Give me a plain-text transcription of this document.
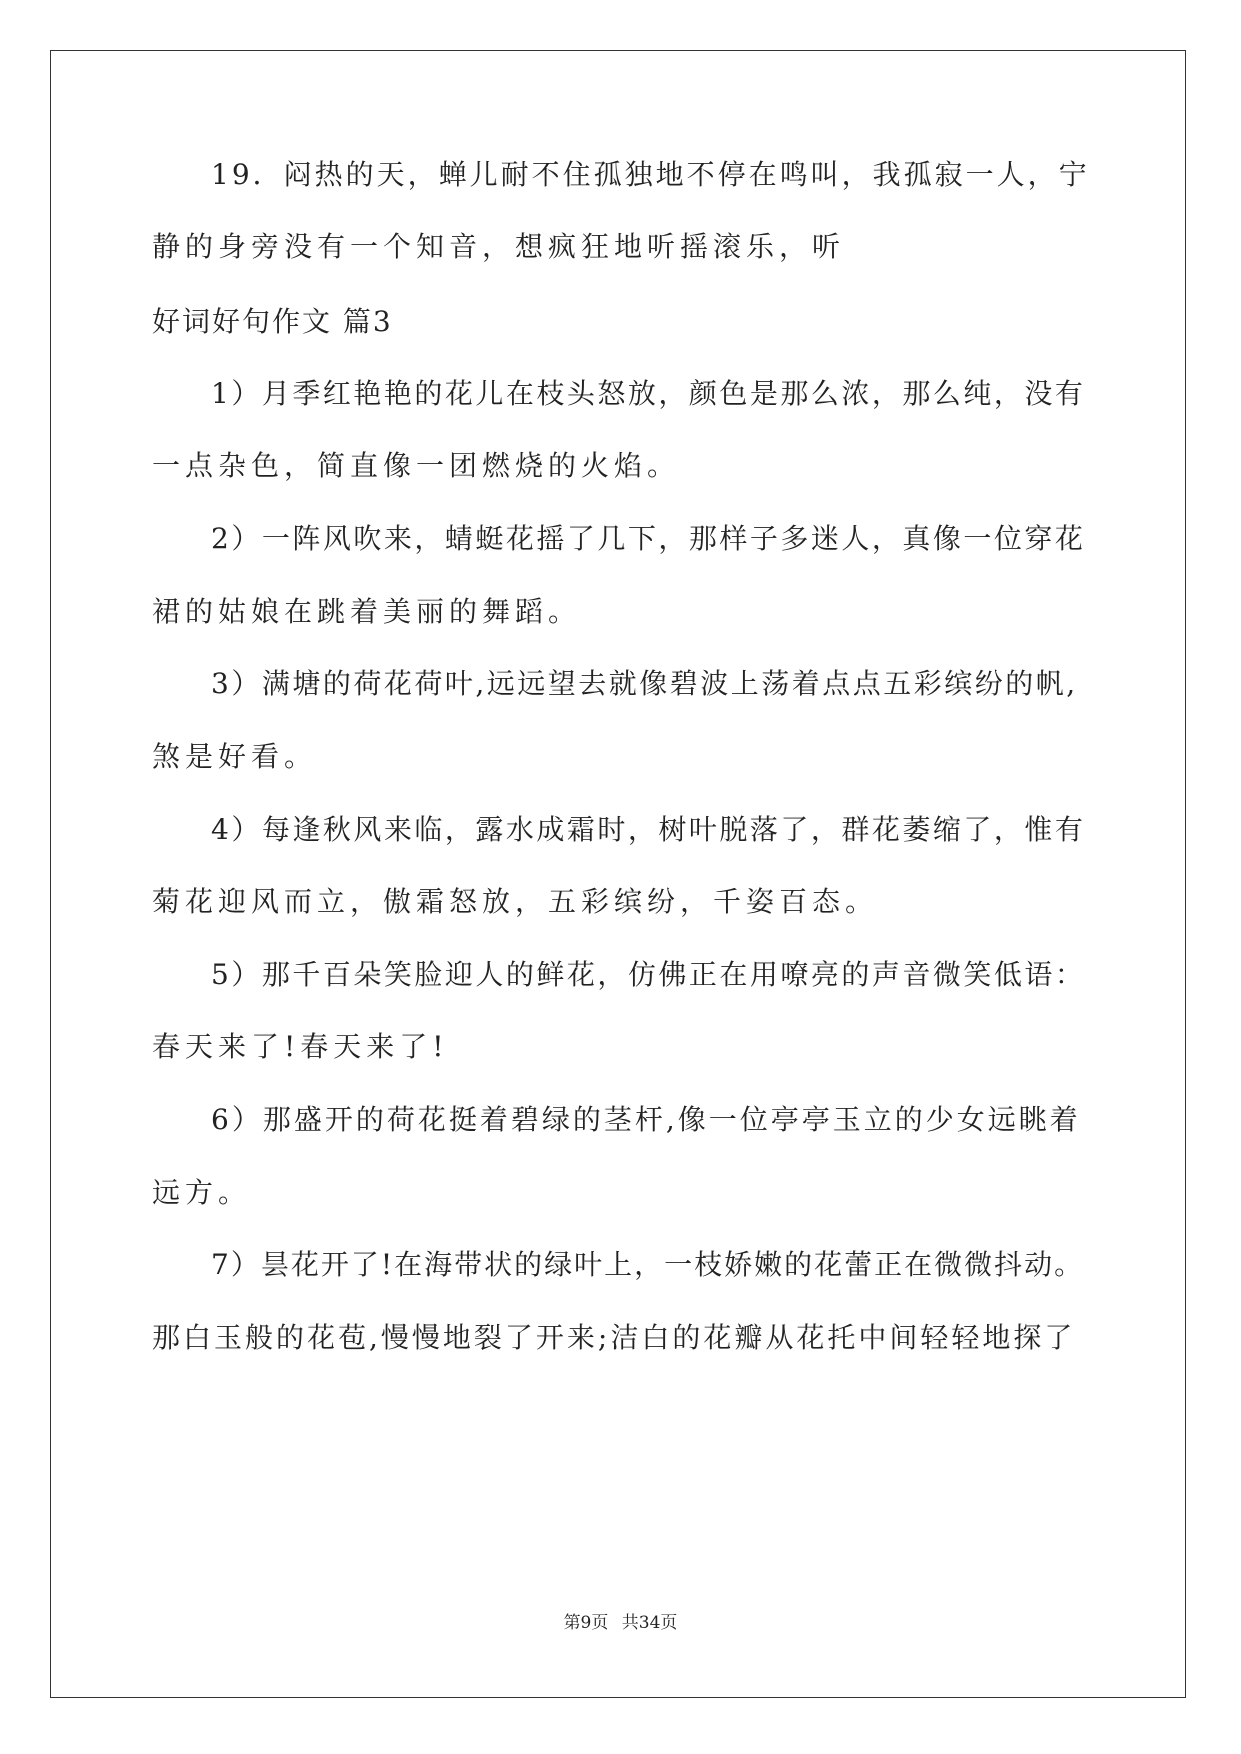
19．闷热的天，蝉儿耐不住孤独地不停在鸣叫，我孤寂一人，宁
静的身旁没有一个知音，想疯狂地听摇滚乐，听
好词好句作文 篇3
1）月季红艳艳的花儿在枝头怒放，颜色是那么浓，那么纯，没有
一点杂色，简直像一团燃烧的火焰。
2）一阵风吹来，蜻蜓花摇了几下，那样子多迷人，真像一位穿花
裙的姑娘在跳着美丽的舞蹈。
3）满塘的荷花荷叶,远远望去就像碧波上荡着点点五彩缤纷的帆,
煞是好看。
4）每逢秋风来临，露水成霜时，树叶脱落了，群花萎缩了，惟有
菊花迎风而立，傲霜怒放，五彩缤纷，千姿百态。
5）那千百朵笑脸迎人的鲜花，仿佛正在用嘹亮的声音微笑低语：
春天来了!春天来了!
6）那盛开的荷花挺着碧绿的茎杆,像一位亭亭玉立的少女远眺着
远方。
7）昙花开了!在海带状的绿叶上，一枝娇嫩的花蕾正在微微抖动。
那白玉般的花苞,慢慢地裂了开来;洁白的花瓣从花托中间轻轻地探了
第9页 共34页
